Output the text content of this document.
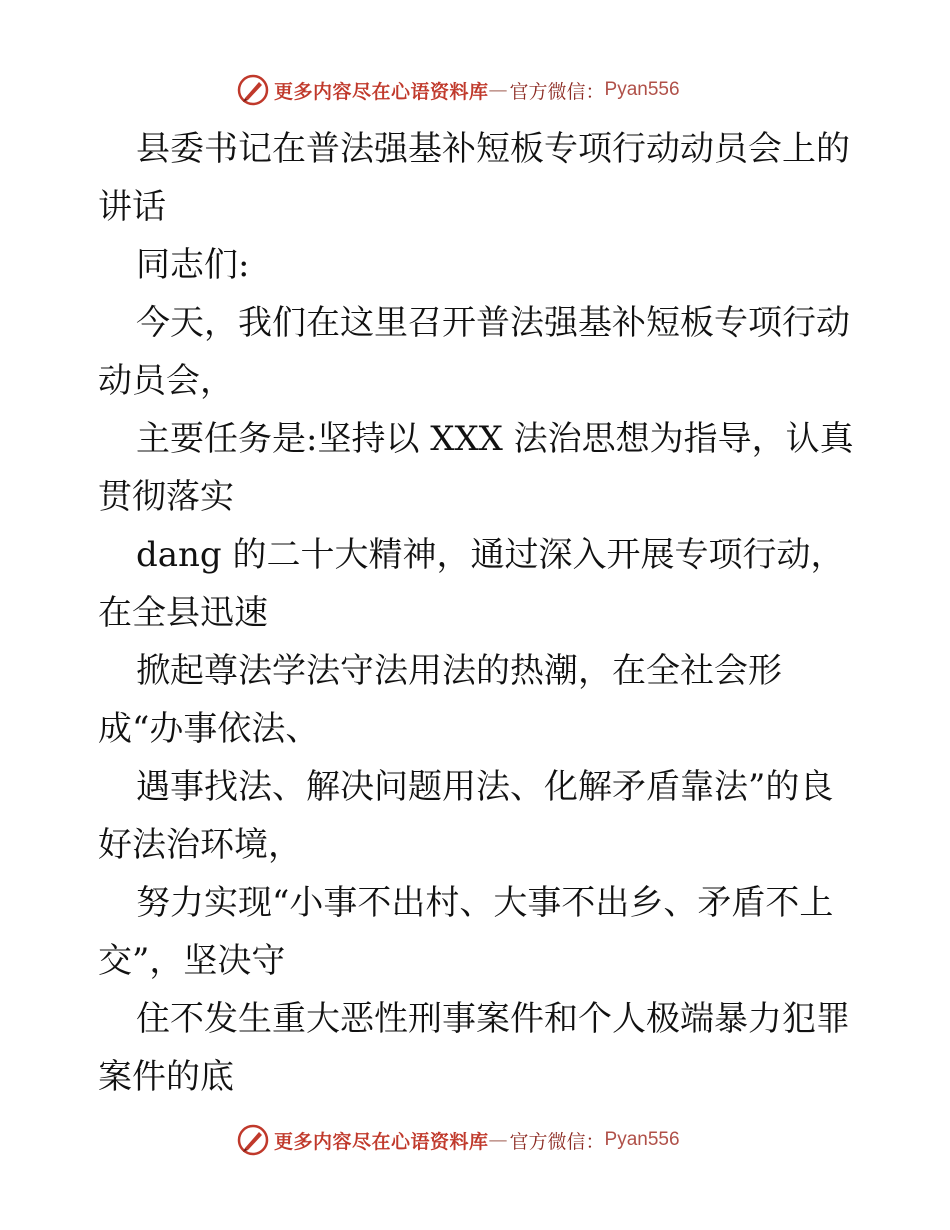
更多内容尽在心语资料库 — 官方微信： Pyan556

县委书记在普法强基补短板专项行动动员会上的

讲话

同志们:

今天，我们在这里召开普法强基补短板专项行动

动员会，

主要任务是:坚持以 XXX 法治思想为指导，认真

贯彻落实

dang 的二十大精神，通过深入开展专项行动，

在全县迅速

掀起尊法学法守法用法的热潮，在全社会形

成“办事依法、

遇事找法、解决问题用法、化解矛盾靠法”的良

好法治环境，

努力实现“小事不出村、大事不出乡、矛盾不上

交”，坚决守

住不发生重大恶性刑事案件和个人极端暴力犯罪

案件的底

更多内容尽在心语资料库 — 官方微信： Pyan556
